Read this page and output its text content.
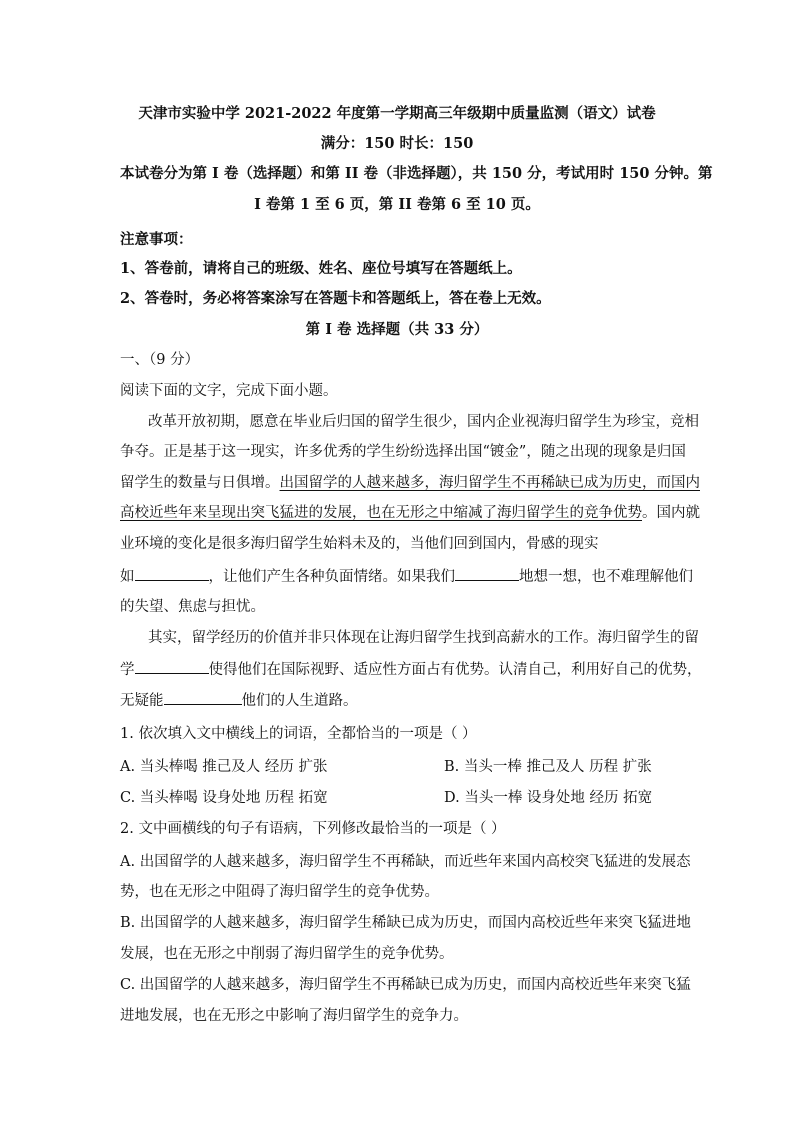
天津市实验中学 2021-2022 年度第一学期高三年级期中质量监测（语文）试卷
满分：150 时长：150
本试卷分为第 I 卷（选择题）和第 II 卷（非选择题），共 150 分，考试用时 150 分钟。第
I 卷第 1 至 6 页，第 II 卷第 6 至 10 页。
注意事项：
1、答卷前，请将自己的班级、姓名、座位号填写在答题纸上。
2、答卷时，务必将答案涂写在答题卡和答题纸上，答在卷上无效。
第 I 卷 选择题（共 33 分）
一、（9 分）
阅读下面的文字，完成下面小题。
改革开放初期，愿意在毕业后归国的留学生很少，国内企业视海归留学生为珍宝，竞相
争夺。正是基于这一现实，许多优秀的学生纷纷选择出国“镀金”，随之出现的现象是归国
留学生的数量与日俱增。出国留学的人越来越多，海归留学生不再稀缺已成为历史，而国内
高校近些年来呈现出突飞猛进的发展，也在无形之中缩减了海归留学生的竞争优势。国内就
业环境的变化是很多海归留学生始料未及的，当他们回到国内，骨感的现实
如	，让他们产生各种负面情绪。如果我们	地想一想，也不难理解他们
的失望、焦虑与担忧。
其实，留学经历的价值并非只体现在让海归留学生找到高薪水的工作。海归留学生的留
学	使得他们在国际视野、适应性方面占有优势。认清自己，利用好自己的优势，
无疑能	他们的人生道路。
1. 依次填入文中横线上的词语，全都恰当的一项是（ ）
A. 当头棒喝 推己及人 经历 扩张	B. 当头一棒 推己及人 历程 扩张
C. 当头棒喝 设身处地 历程 拓宽	D. 当头一棒 设身处地 经历 拓宽
2. 文中画横线的句子有语病，下列修改最恰当的一项是（ ）
A. 出国留学的人越来越多，海归留学生不再稀缺，而近些年来国内高校突飞猛进的发展态
势，也在无形之中阻碍了海归留学生的竞争优势。
B. 出国留学的人越来越多，海归留学生稀缺已成为历史，而国内高校近些年来突飞猛进地
发展，也在无形之中削弱了海归留学生的竞争优势。
C. 出国留学的人越来越多，海归留学生不再稀缺已成为历史，而国内高校近些年来突飞猛
进地发展，也在无形之中影响了海归留学生的竞争力。
